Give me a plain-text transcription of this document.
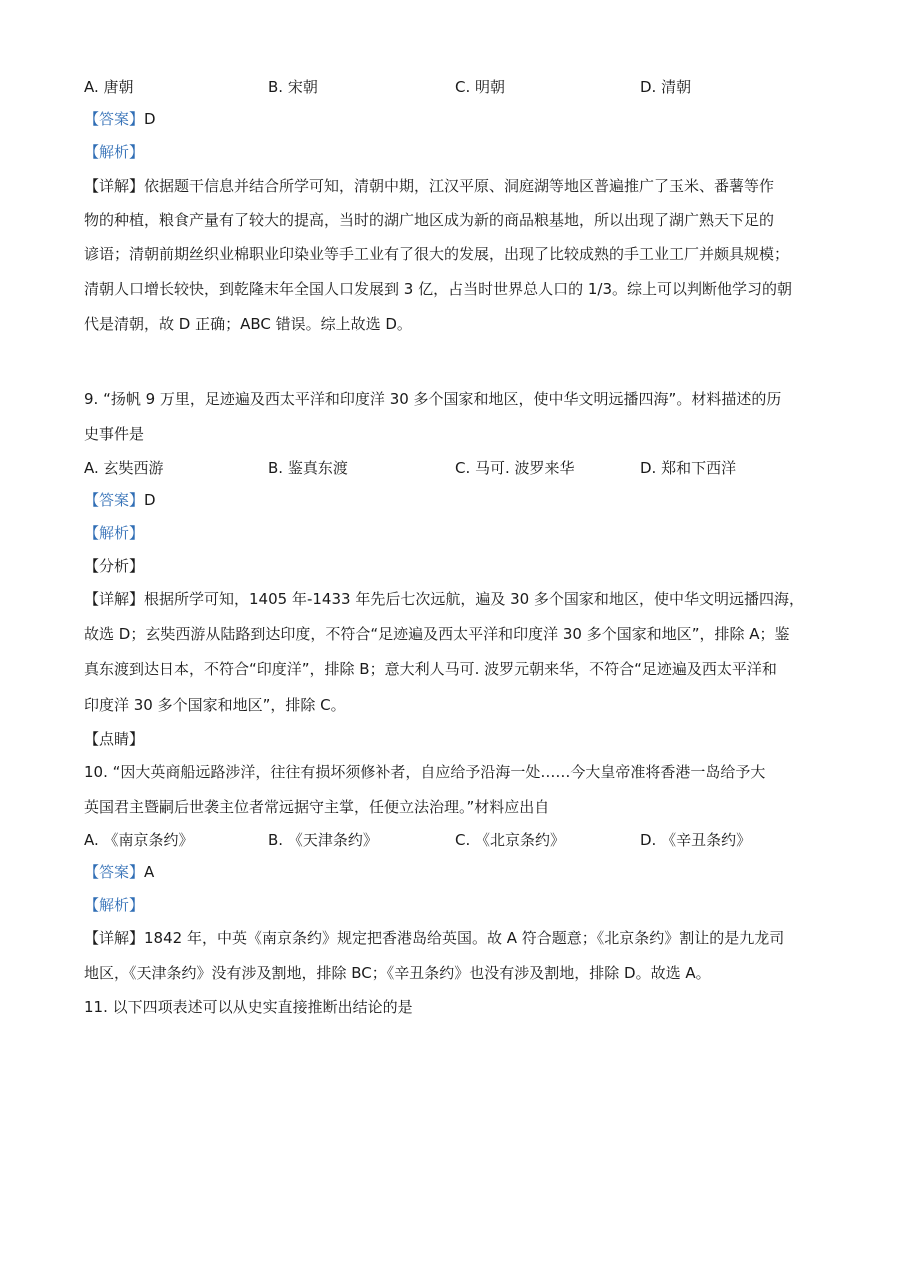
A. 唐朝	B. 宋朝	C. 明朝	D. 清朝
【答案】D
【解析】
【详解】依据题干信息并结合所学可知，清朝中期，江汉平原、洞庭湖等地区普遍推广了玉米、番薯等作
物的种植，粮食产量有了较大的提高，当时的湖广地区成为新的商品粮基地，所以出现了湖广熟天下足的
谚语；清朝前期丝织业棉职业印染业等手工业有了很大的发展，出现了比较成熟的手工业工厂并颇具规模；
清朝人口增长较快，到乾隆末年全国人口发展到 3 亿，占当时世界总人口的 1/3。综上可以判断他学习的朝
代是清朝，故 D 正确；ABC 错误。综上故选 D。
9. “扬帆 9 万里，足迹遍及西太平洋和印度洋 30 多个国家和地区，使中华文明远播四海”。材料描述的历
史事件是
A. 玄奘西游	B. 鉴真东渡	C. 马可. 波罗来华	D. 郑和下西洋
【答案】D
【解析】
【分析】
【详解】根据所学可知，1405 年-1433 年先后七次远航，遍及 30 多个国家和地区，使中华文明远播四海，
故选 D；玄奘西游从陆路到达印度，不符合“足迹遍及西太平洋和印度洋 30 多个国家和地区”，排除 A；鉴
真东渡到达日本，不符合“印度洋”，排除 B；意大利人马可. 波罗元朝来华，不符合“足迹遍及西太平洋和
印度洋 30 多个国家和地区”，排除 C。
【点睛】
10. “因大英商船远路涉洋，往往有损坏须修补者，自应给予沿海一处……今大皇帝准将香港一岛给予大
英国君主暨嗣后世袭主位者常远据守主掌，任便立法治理。”材料应出自
A. 《南京条约》	B. 《天津条约》	C. 《北京条约》	D. 《辛丑条约》
【答案】A
【解析】
【详解】1842 年，中英《南京条约》规定把香港岛给英国。故 A 符合题意；《北京条约》割让的是九龙司
地区，《天津条约》没有涉及割地，排除 BC；《辛丑条约》也没有涉及割地，排除 D。故选 A。
11. 以下四项表述可以从史实直接推断出结论的是
